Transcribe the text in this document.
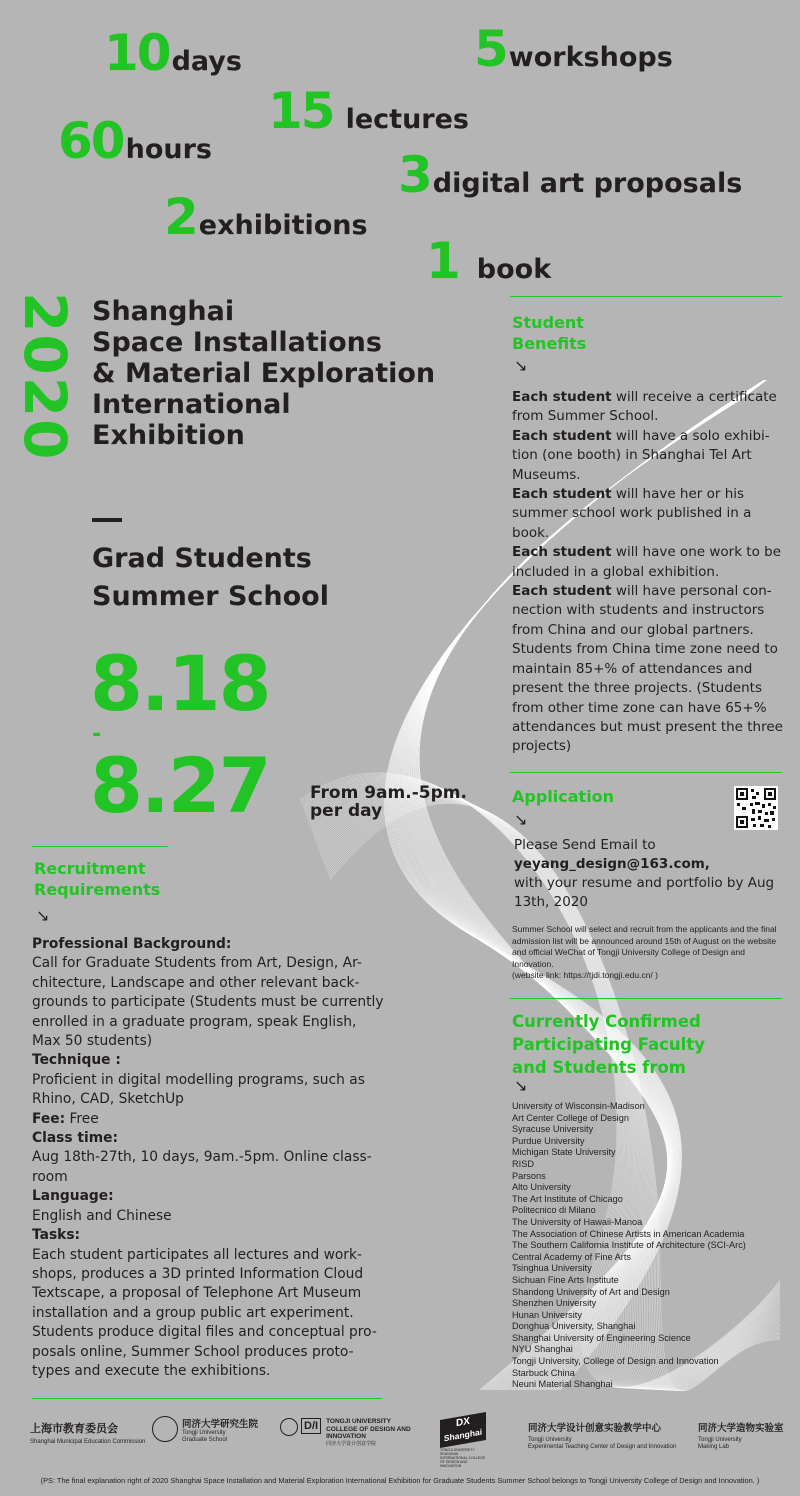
10 days	5 workshops
15 lectures
60 hours	3 digital art proposals
2 exhibitions
1 book
2020 Shanghai
Space Installations
& Material Exploration
International
Exhibition
Grad Students
Summer School
8.18
-
8.27 From 9am.-5pm.
per day
Student
Benefits
↘
Each student will receive a certificate from Summer School.
Each student will have a solo exhibi-tion (one booth) in Shanghai Tel Art Museums.
Each student will have her or his summer school work published in a book.
Each student will have one work to be included in a global exhibition.
Each student will have personal con-nection with students and instructors from China and our global partners.
Students from China time zone need to maintain 85+% of attendances and present the three projects. (Students from other time zone can have 65+% attendances but must present the three projects)
Application
↘
Please Send Email to
yeyang_design@163.com,
with your resume and portfolio by Aug 13th, 2020
Summer School will select and recruit from the applicants and the final admission list will be announced around 15th of August on the website and official WeChat of Tongji University College of Design and Innovation.
(website link: https://tjdi.tongji.edu.cn/ )
Currently Confirmed
Participating Faculty
and Students from
↘
University of Wisconsin-Madison
Art Center College of Design
Syracuse University
Purdue University
Michigan State University
RISD
Parsons
Alto University
The Art Institute of Chicago
Politecnico di Milano
The University of Hawaii-Manoa
The Association of Chinese Artists in American Academia
The Southern California Institute of Architecture (SCI-Arc)
Central Academy of Fine Arts
Tsinghua University
Sichuan Fine Arts Institute
Shandong University of Art and Design
Shenzhen University
Hunan University
Donghua University, Shanghai
Shanghai University of Engineering Science
NYU Shanghai
Tongji University, College of Design and Innovation
Starbuck China
Neuni Material Shanghai
Recruitment
Requirements
↘
Professional Background:
Call for Graduate Students from Art, Design, Ar-chitecture, Landscape and other relevant back-grounds to participate (Students must be currently enrolled in a graduate program, speak English, Max 50 students)
Technique :
Proficient in digital modelling programs, such as Rhino, CAD, SketchUp
Fee: Free
Class time:
Aug 18th-27th, 10 days, 9am.-5pm. Online class-room
Language:
English and Chinese
Tasks:
Each student participates all lectures and work-shops, produces a 3D printed Information Cloud Textscape, a proposal of Telephone Art Museum installation and a group public art experiment. Students produce digital files and conceptual pro-posals online, Summer School produces proto-types and execute the exhibitions.
上海市教育委员会
Shanghai Municipal Education Commission
同济大学研究生院
Tongji University
Graduate School
D/I	TONGJI UNIVERSITY
COLLEGE OF DESIGN AND
INNOVATION
同济大学设计创意学院
DX
Shanghai
TONGJI UNIVERSITY SHANGHAI INTERNATIONAL COLLEGE OF DESIGN AND INNOVATION
同济大学设计创意实验教学中心
Tongji University
Experimental Teaching Center of Design and Innovation
同济大学造物实验室
Tongji University
Making Lab
(PS: The final explanation right of 2020 Shanghai Space Installation and Material Exploration International Exhibition for Graduate Students Summer School belongs to Tongji University College of Design and Innovation. )
